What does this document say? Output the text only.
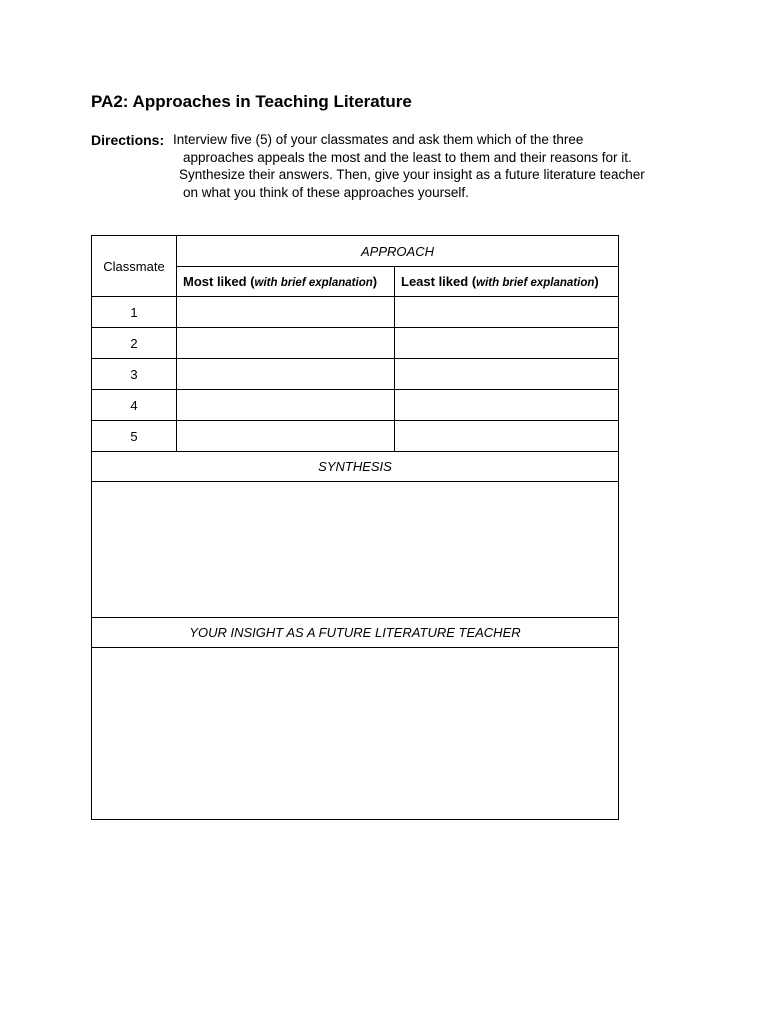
PA2: Approaches in Teaching Literature
Directions: Interview five (5) of your classmates and ask them which of the three
approaches appeals the most and the least to them and their reasons for it.
Synthesize their answers. Then, give your insight as a future literature teacher
on what you think of these approaches yourself.
Classmate	APPROACH	
	Most liked (with brief explanation)	Least liked (with brief explanation)
1		
2		
3		
4		
5		
SYNTHESIS		

YOUR INSIGHT AS A FUTURE LITERATURE TEACHER		
